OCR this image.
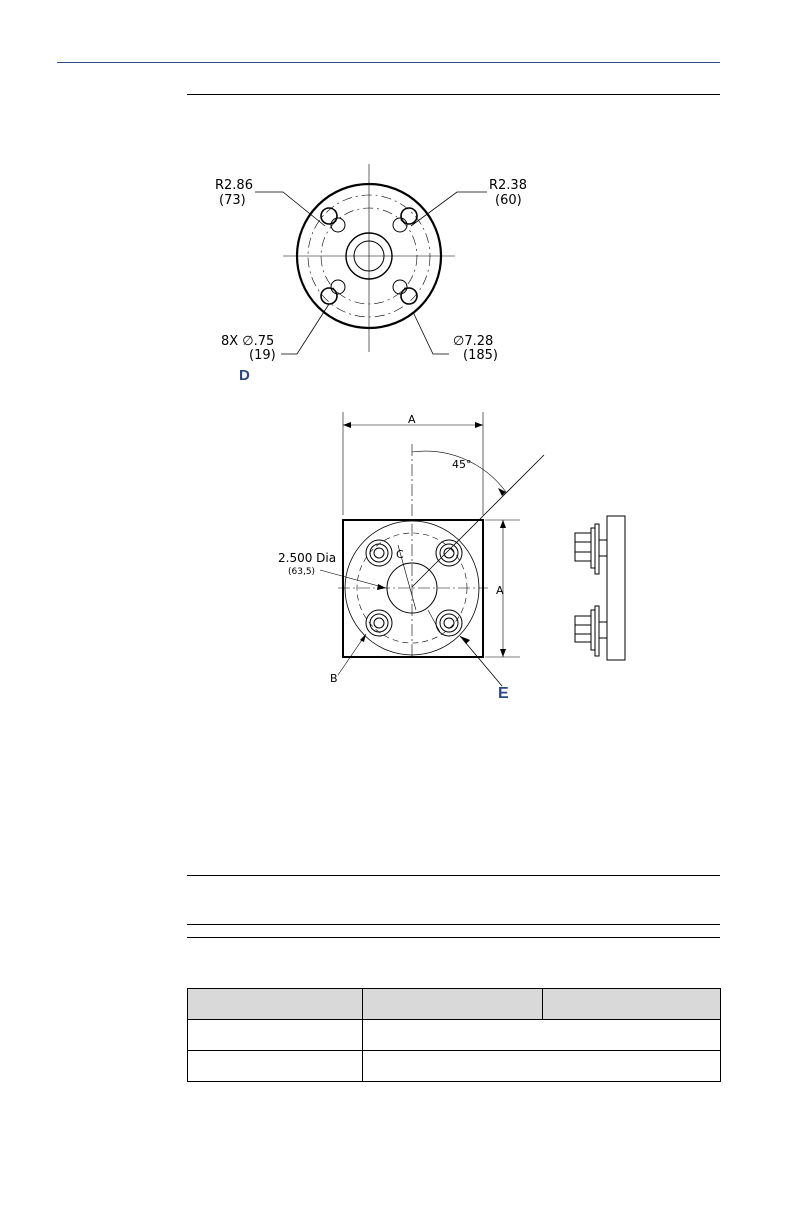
R2.86
(73)
R2.38
(60)
8X ∅.75
(19)
∅7.28
(185)
D
A
A
45°
2.500 Dia
(63,5)
B
C
E
